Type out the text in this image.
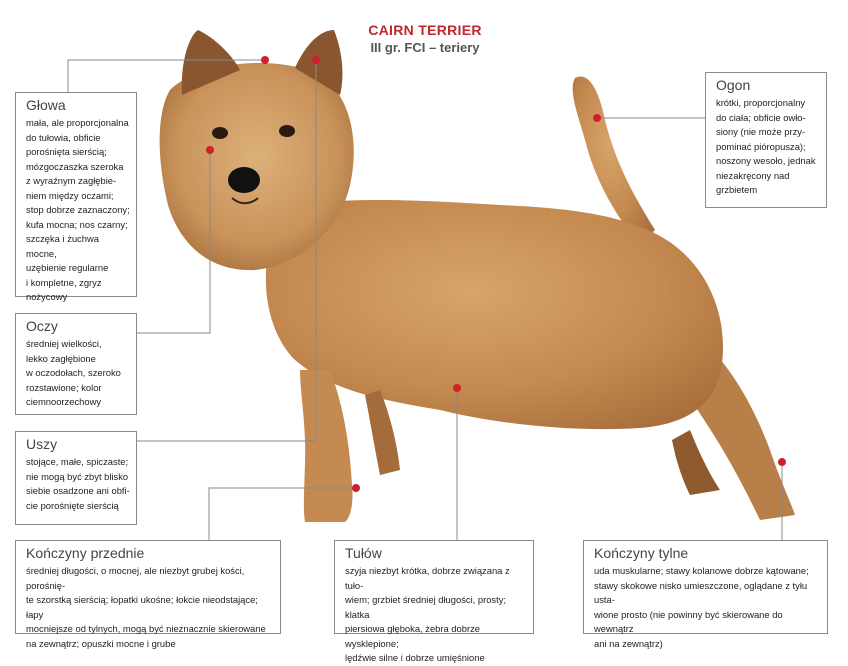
CAIRN TERRIER
III gr. FCI – teriery
Głowa
mała, ale proporcjonalna
do tułowia, obficie
porośnięta sierścią;
mózgoczaszka szeroka
z wyraźnym zagłębie-
niem między oczami;
stop dobrze zaznaczony;
kufa mocna; nos czarny;
szczęka i żuchwa mocne,
uzębienie regularne
i kompletne, zgryz
nożycowy
Oczy
średniej wielkości,
lekko zagłębione
w oczodołach, szeroko
rozstawione; kolor
ciemnoorzechowy
Uszy
stojące, małe, spiczaste;
nie mogą być zbyt blisko
siebie osadzone ani obfi-
cie porośnięte sierścią
Ogon
krótki, proporcjonalny
do ciała; obficie owło-
siony (nie może przy-
pominać pióropusza);
noszony wesoło, jednak
niezakręcony nad
grzbietem
Kończyny przednie
średniej długości, o mocnej, ale niezbyt grubej kości, porośnię-
te szorstką sierścią; łopatki ukośne; łokcie nieodstające; łapy
mocniejsze od tylnych, mogą być nieznacznie skierowane
na zewnątrz; opuszki mocne i grube
Tułów
szyja niezbyt krótka, dobrze związana z tuło-
wiem; grzbiet średniej długości, prosty; klatka
piersiowa głęboka, żebra dobrze wysklepione;
lędźwie silne i dobrze umięśnione
Kończyny tylne
uda muskularne; stawy kolanowe dobrze kątowane;
stawy skokowe nisko umieszczone, oglądane z tyłu usta-
wione prosto (nie powinny być skierowane do wewnątrz
ani na zewnątrz)
